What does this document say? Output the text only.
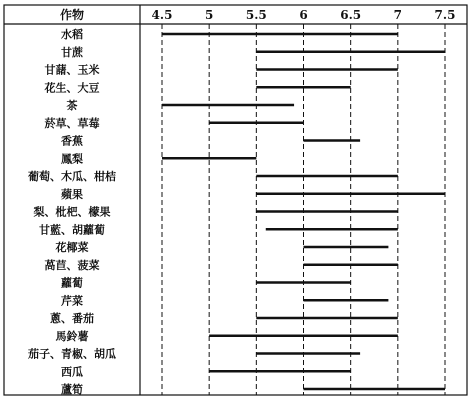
4.5	5	5.5	6	6.5	7	7.5
水稻
甘蔗
甘藷、玉米
花生、大豆
茶
菸草、草莓
香蕉
鳳梨
葡萄、木瓜、柑桔
蘋果
梨、枇杷、檬果
甘藍、胡蘿蔔
花椰菜
萵苣、菠菜
蘿蔔
芹菜
蔥、番茄
馬鈴薯
茄子、青椒、胡瓜
西瓜
蘆筍
作物
